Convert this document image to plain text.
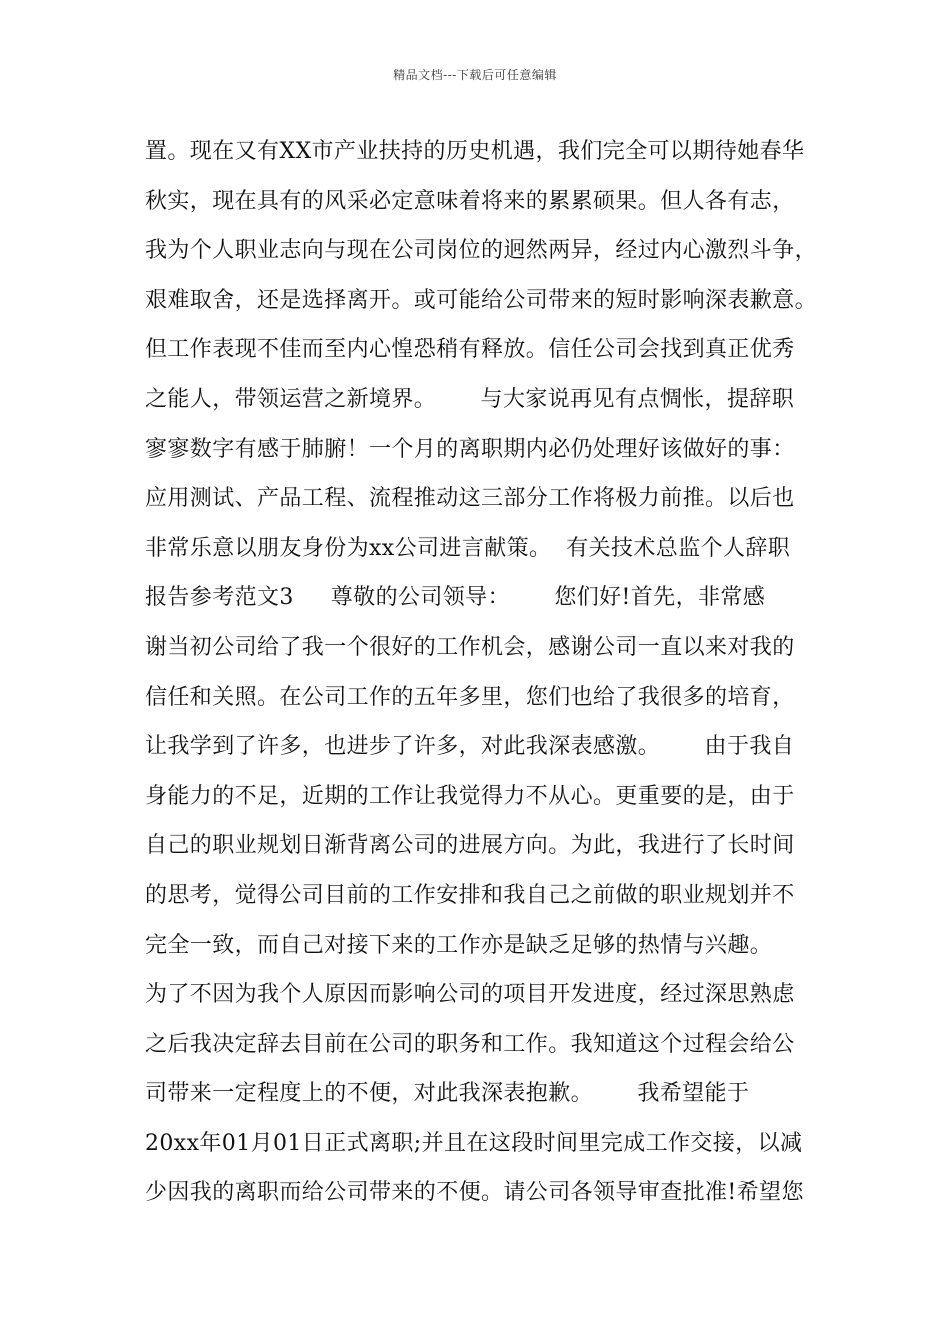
精品文档---下载后可任意编辑
置。现在又有XX市产业扶持的历史机遇，我们完全可以期待她春华
秋实，现在具有的风采必定意味着将来的累累硕果。但人各有志，
我为个人职业志向与现在公司岗位的迥然两异，经过内心激烈斗争，
艰难取舍，还是选择离开。或可能给公司带来的短时影响深表歉意。
但工作表现不佳而至内心惶恐稍有释放。信任公司会找到真正优秀
之能人，带领运营之新境界。      与大家说再见有点惆怅，提辞职
寥寥数字有感于肺腑！一个月的离职期内必仍处理好该做好的事：
应用测试、产品工程、流程推动这三部分工作将极力前推。以后也
非常乐意以朋友身份为xx公司进言献策。  有关技术总监个人辞职
报告参考范文3     尊敬的公司领导：      您们好!首先，非常感
谢当初公司给了我一个很好的工作机会，感谢公司一直以来对我的
信任和关照。在公司工作的五年多里，您们也给了我很多的培育，
让我学到了许多，也进步了许多，对此我深表感激。      由于我自
身能力的不足，近期的工作让我觉得力不从心。更重要的是，由于
自己的职业规划日渐背离公司的进展方向。为此，我进行了长时间
的思考，觉得公司目前的工作安排和我自己之前做的职业规划并不
完全一致，而自己对接下来的工作亦是缺乏足够的热情与兴趣。
为了不因为我个人原因而影响公司的项目开发进度，经过深思熟虑
之后我决定辞去目前在公司的职务和工作。我知道这个过程会给公
司带来一定程度上的不便，对此我深表抱歉。      我希望能于
20xx年01月01日正式离职;并且在这段时间里完成工作交接，以减
少因我的离职而给公司带来的不便。请公司各领导审查批准!希望您
